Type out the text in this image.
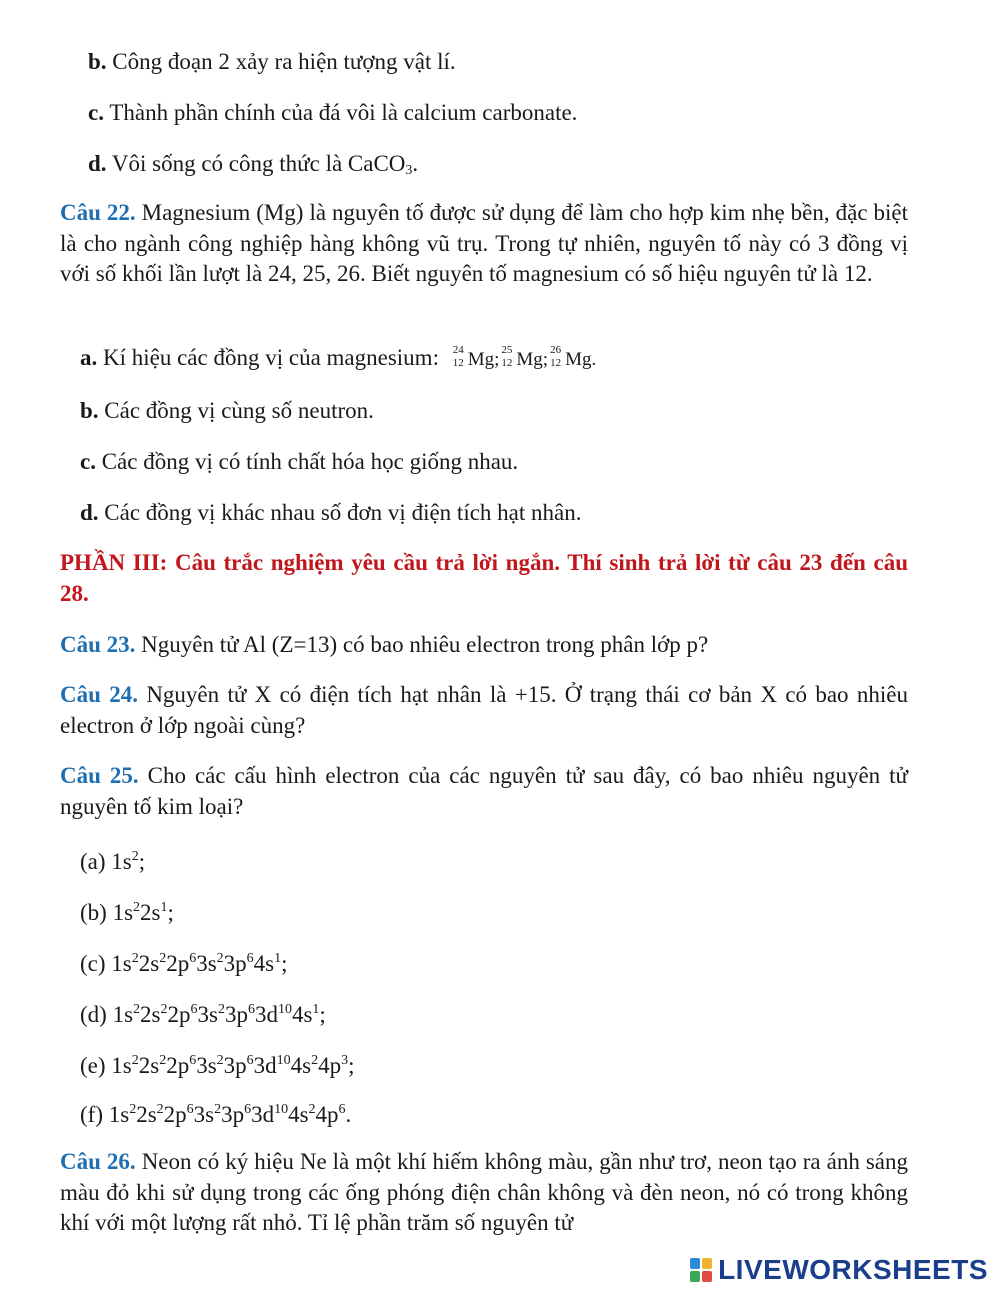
b. Công đoạn 2 xảy ra hiện tượng vật lí.
c. Thành phần chính của đá vôi là calcium carbonate.
d. Vôi sống có công thức là CaCO$_3$.
Câu 22. Magnesium (Mg) là nguyên tố được sử dụng để làm cho hợp kim nhẹ bền, đặc biệt là cho ngành công nghiệp hàng không vũ trụ. Trong tự nhiên, nguyên tố này có 3 đồng vị với số khối lần lượt là 24, 25, 26. Biết nguyên tố magnesium có số hiệu nguyên tử là 12.
a. Kí hiệu các đồng vị của magnesium: 24
12 Mg; 25
12 Mg; 26
12 Mg.
b. Các đồng vị cùng số neutron.
c. Các đồng vị có tính chất hóa học giống nhau.
d. Các đồng vị khác nhau số đơn vị điện tích hạt nhân.
PHẦN III: Câu trắc nghiệm yêu cầu trả lời ngắn. Thí sinh trả lời từ câu 23 đến câu 28.
Câu 23. Nguyên tử Al (Z=13) có bao nhiêu electron trong phân lớp p?
Câu 24. Nguyên tử X có điện tích hạt nhân là +15. Ở trạng thái cơ bản X có bao nhiêu electron ở lớp ngoài cùng?
Câu 25. Cho các cấu hình electron của các nguyên tử sau đây, có bao nhiêu nguyên tử nguyên tố kim loại?
(a) $1s^2$;
(b) $1s^22s^1$;
(c) $1s^22s^22p^63s^23p^64s^1$;
(d) $1s^22s^22p^63s^23p^63d^{10}4s^1$;
(e) $1s^22s^22p^63s^23p^63d^{10}4s^24p^3$;
(f) $1s^22s^22p^63s^23p^63d^{10}4s^24p^6$.
Câu 26. Neon có ký hiệu Ne là một khí hiếm không màu, gần như trơ, neon tạo ra ánh sáng màu đỏ khi sử dụng trong các ống phóng điện chân không và đèn neon, nó có trong không khí với một lượng rất nhỏ. Tỉ lệ phần trăm số nguyên tử
LIVEWORKSHEETS
